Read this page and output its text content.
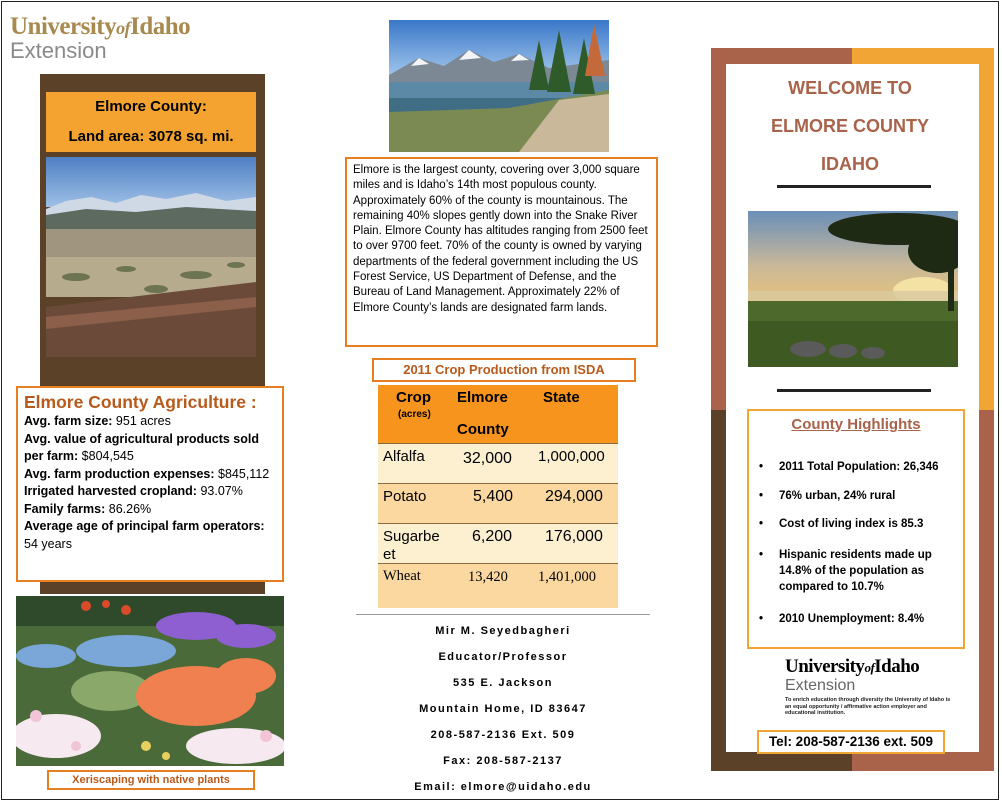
UniversityofIdaho
Extension
Elmore County:
Land area: 3078 sq. mi.
Elmore County Agriculture :
Avg. farm size: 951 acres
Avg. value of agricultural products sold per farm: $804,545
Avg. farm production expenses: $845,112
Irrigated harvested cropland: 93.07%
Family farms: 86.26%
Average age of principal farm operators: 54 years
Xeriscaping with native plants
Elmore is the largest county, covering over 3,000 square miles and is Idaho’s 14th most populous county. Approximately 60% of the county is mountainous. The remaining 40% slopes gently down into the Snake River Plain. Elmore County has altitudes ranging from 2500 feet to over 9700 feet. 70% of the county is owned by varying departments of the federal government including the US Forest Service, US Department of Defense, and the Bureau of Land Management. Approximately 22% of Elmore County’s lands are designated farm lands.
2011 Crop Production from ISDA
Crop
(acres)
Elmore
County
State
Alfalfa 32,000 1,000,000
Potato	5,400 294,000
Sugarbe
et
6,200 176,000
Wheat	13,420 1,401,000
Mir M. Seyedbagheri
Educator/Professor
535 E. Jackson
Mountain Home, ID 83647
208-587-2136 Ext. 509
Fax: 208-587-2137
Email: elmore@uidaho.edu
WELCOME TO
ELMORE COUNTY
IDAHO
County Highlights
• 2011 Total Population: 26,346
• 76% urban, 24% rural
• Cost of living index is 85.3
• Hispanic residents made up 14.8% of the population as compared to 10.7%
• 2010 Unemployment: 8.4%
UniversityofIdaho
Extension
To enrich education through diversity the University of Idaho is an equal opportunity / affirmative action employer and educational institution.
Tel: 208-587-2136 ext. 509
